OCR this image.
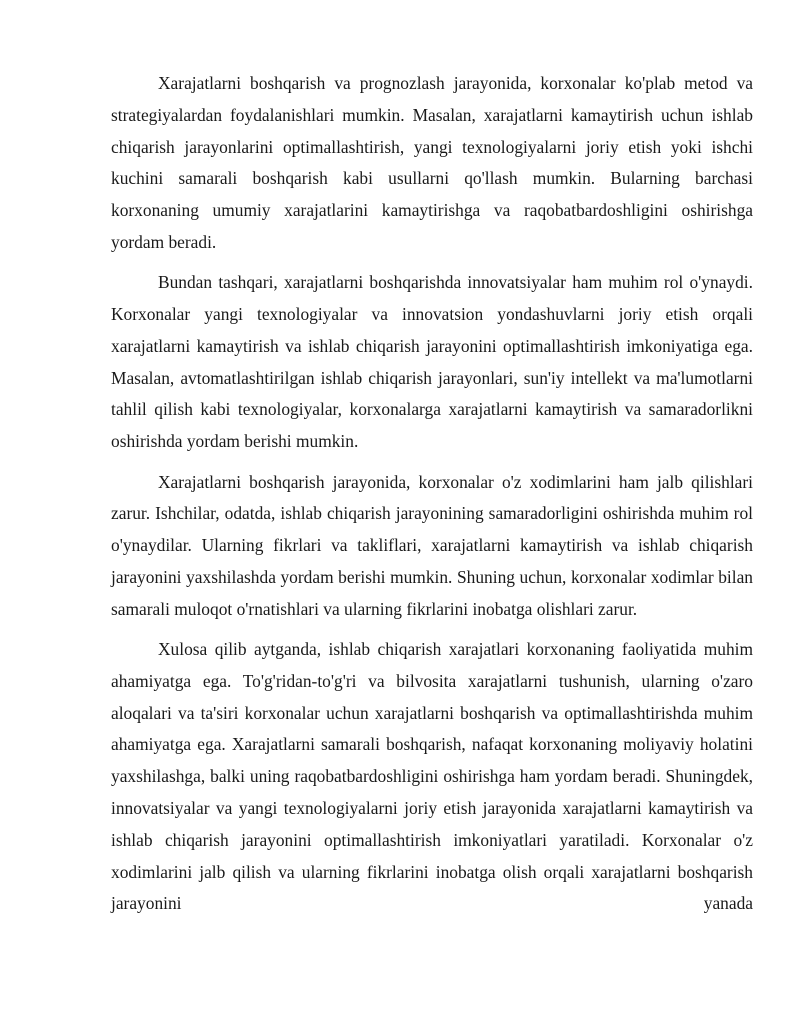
Xarajatlarni boshqarish va prognozlash jarayonida, korxonalar ko'plab metod va strategiyalardan foydalanishlari mumkin. Masalan, xarajatlarni kamaytirish uchun ishlab chiqarish jarayonlarini optimallashtirish, yangi texnologiyalarni joriy etish yoki ishchi kuchini samarali boshqarish kabi usullarni qo'llash mumkin. Bularning barchasi korxonaning umumiy xarajatlarini kamaytirishga va raqobatbardoshligini oshirishga yordam beradi.

Bundan tashqari, xarajatlarni boshqarishda innovatsiyalar ham muhim rol o'ynaydi. Korxonalar yangi texnologiyalar va innovatsion yondashuvlarni joriy etish orqali xarajatlarni kamaytirish va ishlab chiqarish jarayonini optimallashtirish imkoniyatiga ega. Masalan, avtomatlashtirilgan ishlab chiqarish jarayonlari, sun'iy intellekt va ma'lumotlarni tahlil qilish kabi texnologiyalar, korxonalarga xarajatlarni kamaytirish va samaradorlikni oshirishda yordam berishi mumkin.

Xarajatlarni boshqarish jarayonida, korxonalar o'z xodimlarini ham jalb qilishlari zarur. Ishchilar, odatda, ishlab chiqarish jarayonining samaradorligini oshirishda muhim rol o'ynaydilar. Ularning fikrlari va takliflari, xarajatlarni kamaytirish va ishlab chiqarish jarayonini yaxshilashda yordam berishi mumkin. Shuning uchun, korxonalar xodimlar bilan samarali muloqot o'rnatishlari va ularning fikrlarini inobatga olishlari zarur.

Xulosa qilib aytganda, ishlab chiqarish xarajatlari korxonaning faoliyatida muhim ahamiyatga ega. To'g'ridan-to'g'ri va bilvosita xarajatlarni tushunish, ularning o'zaro aloqalari va ta'siri korxonalar uchun xarajatlarni boshqarish va optimallashtirishda muhim ahamiyatga ega. Xarajatlarni samarali boshqarish, nafaqat korxonaning moliyaviy holatini yaxshilashga, balki uning raqobatbardoshligini oshirishga ham yordam beradi. Shuningdek, innovatsiyalar va yangi texnologiyalarni joriy etish jarayonida xarajatlarni kamaytirish va ishlab chiqarish jarayonini optimallashtirish imkoniyatlari yaratiladi. Korxonalar o'z xodimlarini jalb qilish va ularning fikrlarini inobatga olish orqali xarajatlarni boshqarish jarayonini yanada
